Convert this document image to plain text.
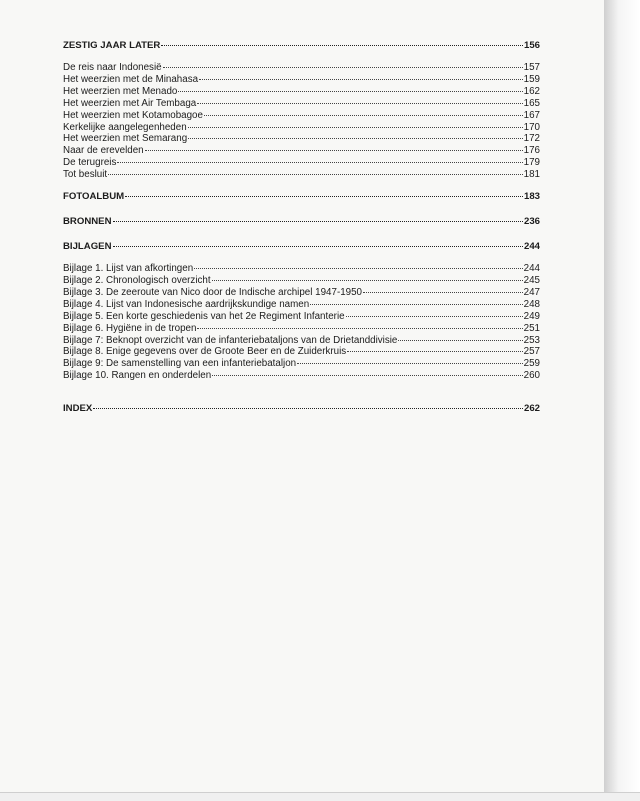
ZESTIG JAAR LATER	156
De reis naar Indonesië	157
Het weerzien met de Minahasa	159
Het weerzien met Menado	162
Het weerzien met Air Tembaga	165
Het weerzien met Kotamobagoe	167
Kerkelijke aangelegenheden	170
Het weerzien met Semarang	172
Naar de erevelden	176
De terugreis	179
Tot besluit	181
FOTOALBUM	183
BRONNEN	236
BIJLAGEN	244
Bijlage 1. Lijst van afkortingen	244
Bijlage 2. Chronologisch overzicht	245
Bijlage 3. De zeeroute van Nico door de Indische archipel 1947-1950	247
Bijlage 4. Lijst van Indonesische aardrijkskundige namen	248
Bijlage 5. Een korte geschiedenis van het 2e Regiment Infanterie	249
Bijlage 6. Hygiëne in de tropen	251
Bijlage 7: Beknopt overzicht van de infanteriebataljons van de Drietanddivisie	253
Bijlage 8. Enige gegevens over de Groote Beer en de Zuiderkruis	257
Bijlage 9: De samenstelling van een infanteriebataljon	259
Bijlage 10. Rangen en onderdelen	260
INDEX	262
